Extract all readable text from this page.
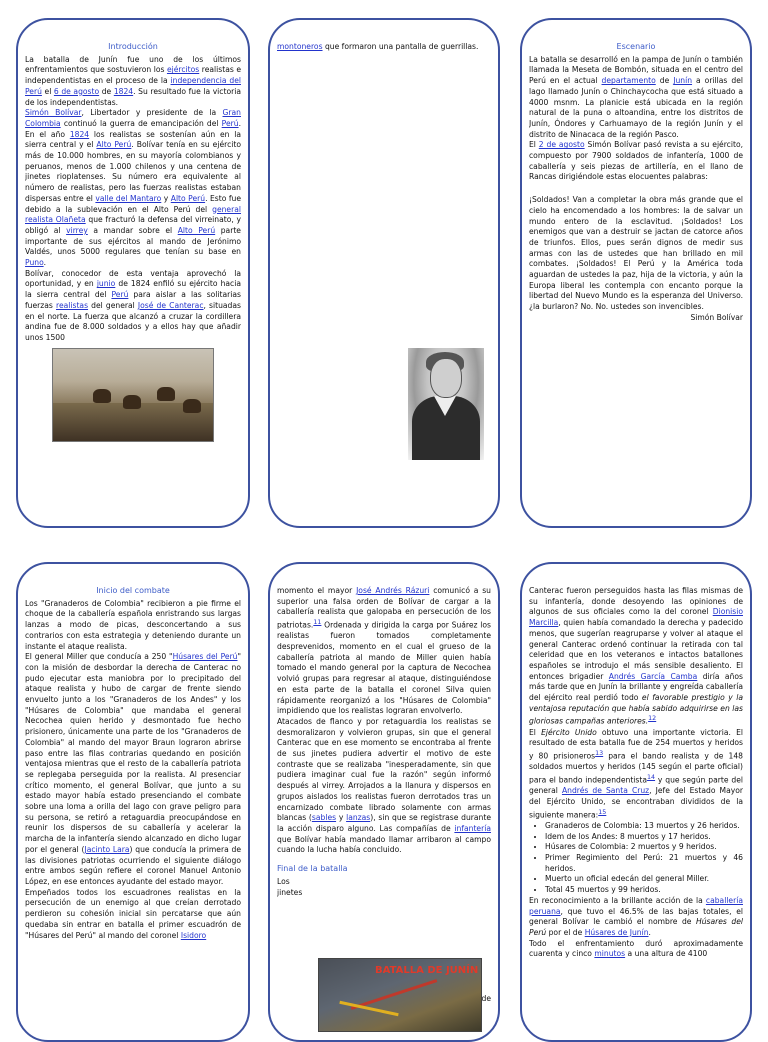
Introducción

La batalla de Junín fue uno de los últimos enfrentamientos que sostuvieron los ejércitos realistas e independentistas en el proceso de la independencia del Perú el 6 de agosto de 1824. Su resultado fue la victoria de los independentistas.

Simón Bolívar, Libertador y presidente de la Gran Colombia continuó la guerra de emancipación del Perú. En el año 1824 los realistas se sostenían aún en la sierra central y el Alto Perú. Bolívar tenía en su ejército más de 10.000 hombres, en su mayoría colombianos y peruanos, menos de 1.000 chilenos y una centena de jinetes rioplatenses. Su número era equivalente al número de realistas, pero las fuerzas realistas estaban dispersas entre el valle del Mantaro y Alto Perú. Esto fue debido a la sublevación en el Alto Perú del general realista Olañeta que fracturó la defensa del virreinato, y obligó al virrey a mandar sobre el Alto Perú parte importante de sus ejércitos al mando de Jerónimo Valdés, unos 5000 regulares que tenían su base en Puno.

Bolívar, conocedor de esta ventaja aprovechó la oportunidad, y en junio de 1824 enfiló su ejército hacia la sierra central del Perú para aislar a las solitarias fuerzas realistas del general José de Canterac, situadas en el norte. La fuerza que alcanzó a cruzar la cordillera andina fue de 8.000 soldados y a ellos hay que añadir unos 1500

montoneros que formaron una pantalla de guerrillas.	Escenario

La batalla se desarrolló en la pampa de Junín o también llamada la Meseta de Bombón, situada en el centro del Perú en el actual departamento de Junín a orillas del lago llamado Junín o Chinchaycocha que está situado a 4000 msnm. La planicie está ubicada en la región natural de la puna o altoandina, entre los distritos de Junín, Óndores y Carhuamayo de la región Junín y el distrito de Ninacaca de la región Pasco.

El 2 de agosto Simón Bolívar pasó revista a su ejército, compuesto por 7900 soldados de infantería, 1000 de caballería y seis piezas de artillería, en el llano de Rancas dirigiéndole estas elocuentes palabras:

¡Soldados! Van a completar la obra más grande que el cielo ha encomendado a los hombres: la de salvar un mundo entero de la esclavitud. ¡Soldados! Los enemigos que van a destruir se jactan de catorce años de triunfos. Ellos, pues serán dignos de medir sus armas con las de ustedes que han brillado en mil combates. ¡Soldados! El Perú y la América toda aguardan de ustedes la paz, hija de la victoria, y aún la Europa liberal les contempla con encanto porque la libertad del Nuevo Mundo es la esperanza del Universo. ¿la burlaron? No. No. ustedes son invencibles.

Simón Bolívar

Inicio del combate

Los "Granaderos de Colombia" recibieron a pie firme el choque de la caballería española enristrando sus largas lanzas a modo de picas, desconcertando a sus contrarios con esta estrategia y deteniendo durante un instante el ataque realista.

El general Miller que conducía a 250 "Húsares del Perú" con la misión de desbordar la derecha de Canterac no pudo ejecutar esta maniobra por lo precipitado del ataque realista y hubo de cargar de frente siendo envuelto junto a los "Granaderos de los Andes" y los "Húsares de Colombia" que mandaba el general Necochea quien herido y desmontado fue hecho prisionero, únicamente una parte de los "Granaderos de Colombia" al mando del mayor Braun lograron abrirse paso entre las filas contrarias quedando en posición ventajosa mientras que el resto de la caballería patriota se replegaba perseguida por la realista. Al presenciar crítico momento, el general Bolívar, que junto a su estado mayor había estado presenciando el combate sobre una loma a orilla del lago con grave peligro para su persona, se retiró a retaguardia preocupándose en reunir los dispersos de su caballería y acelerar la marcha de la infantería siendo alcanzado en dicho lugar por el general (Jacinto Lara) que conducía la primera de las divisiones patriotas ocurriendo el siguiente diálogo entre ambos según refiere el coronel Manuel Antonio López, en ese entonces ayudante del estado mayor.

Empeñados todos los escuadrones realistas en la persecución de un enemigo al que creían derrotado perdieron su cohesión inicial sin percatarse que aún quedaba sin entrar en batalla el primer escuadrón de "Húsares del Perú" al mando del coronel Isidoro

momento el mayor José Andrés Rázuri comunicó a su superior una falsa orden de Bolívar de cargar a la caballería realista que galopaba en persecución de los patriotas.$^{11}$ Ordenada y dirigida la carga por Suárez los realistas fueron tomados completamente desprevenidos, momento en el cual el grueso de la caballería patriota al mando de Miller quien había tomado el mando general por la captura de Necochea volvió grupas para regresar al ataque, distinguiéndose en esta parte de la batalla el coronel Silva quien rápidamente reorganizó a los "Húsares de Colombia" impidiendo que los realistas lograran envolverlo.

Atacados de flanco y por retaguardia los realistas se desmoralizaron y volvieron grupas, sin que el general Canterac que en ese momento se encontraba al frente de sus jinetes pudiera advertir el motivo de este contraste que se realizaba "inesperadamente, sin que pudiera imaginar cual fue la razón" según informó después al virrey. Arrojados a la llanura y dispersos en grupos aislados los realistas fueron derrotados tras un encarnizado combate librado solamente con armas blancas (sables y lanzas), sin que se registrase durante la acción disparo alguno. Las compañías de infantería que Bolívar había mandado llamar arribaron al campo cuando la lucha había concluido.

Final de la batalla

Los
jinetes

de

BATALLA DE JUNÍN

Canterac fueron perseguidos hasta las filas mismas de su infantería, donde desoyendo las opiniones de algunos de sus oficiales como la del coronel Dionisio Marcilla, quien había comandado la derecha y padecido menos, que sugerían reagruparse y volver al ataque el general Canterac ordenó continuar la retirada con tal celeridad que en los veteranos e intactos batallones españoles se introdujo el más sensible desaliento. El entonces brigadier Andrés García Camba diría años más tarde que en Junín la brillante y engreída caballería del ejército real perdió todo el favorable prestigio y la ventajosa reputación que había sabido adquirirse en las gloriosas campañas anteriores.$^{12}$

El Ejército Unido obtuvo una importante victoria. El resultado de esta batalla fue de 254 muertos y heridos y 80 prisioneros$^{13}$ para el bando realista y de 148 soldados muertos y heridos (145 según el parte oficial) para el bando independentista$^{14}$ y que según parte del general Andrés de Santa Cruz, Jefe del Estado Mayor del Ejército Unido, se encontraban divididos de la siguiente manera:$^{15}$

• Granaderos de Colombia: 13 muertos y 26 heridos.
• Idem de los Andes: 8 muertos y 17 heridos.
• Húsares de Colombia: 2 muertos y 9 heridos.
• Primer Regimiento del Perú: 21 muertos y 46 heridos.
• Muerto un oficial edecán del general Miller.
• Total 45 muertos y 99 heridos.

En reconocimiento a la brillante acción de la caballería peruana, que tuvo el 46.5% de las bajas totales, el general Bolívar le cambió el nombre de Húsares del Perú por el de Húsares de Junín.

Todo el enfrentamiento duró aproximadamente cuarenta y cinco minutos a una altura de 4100
